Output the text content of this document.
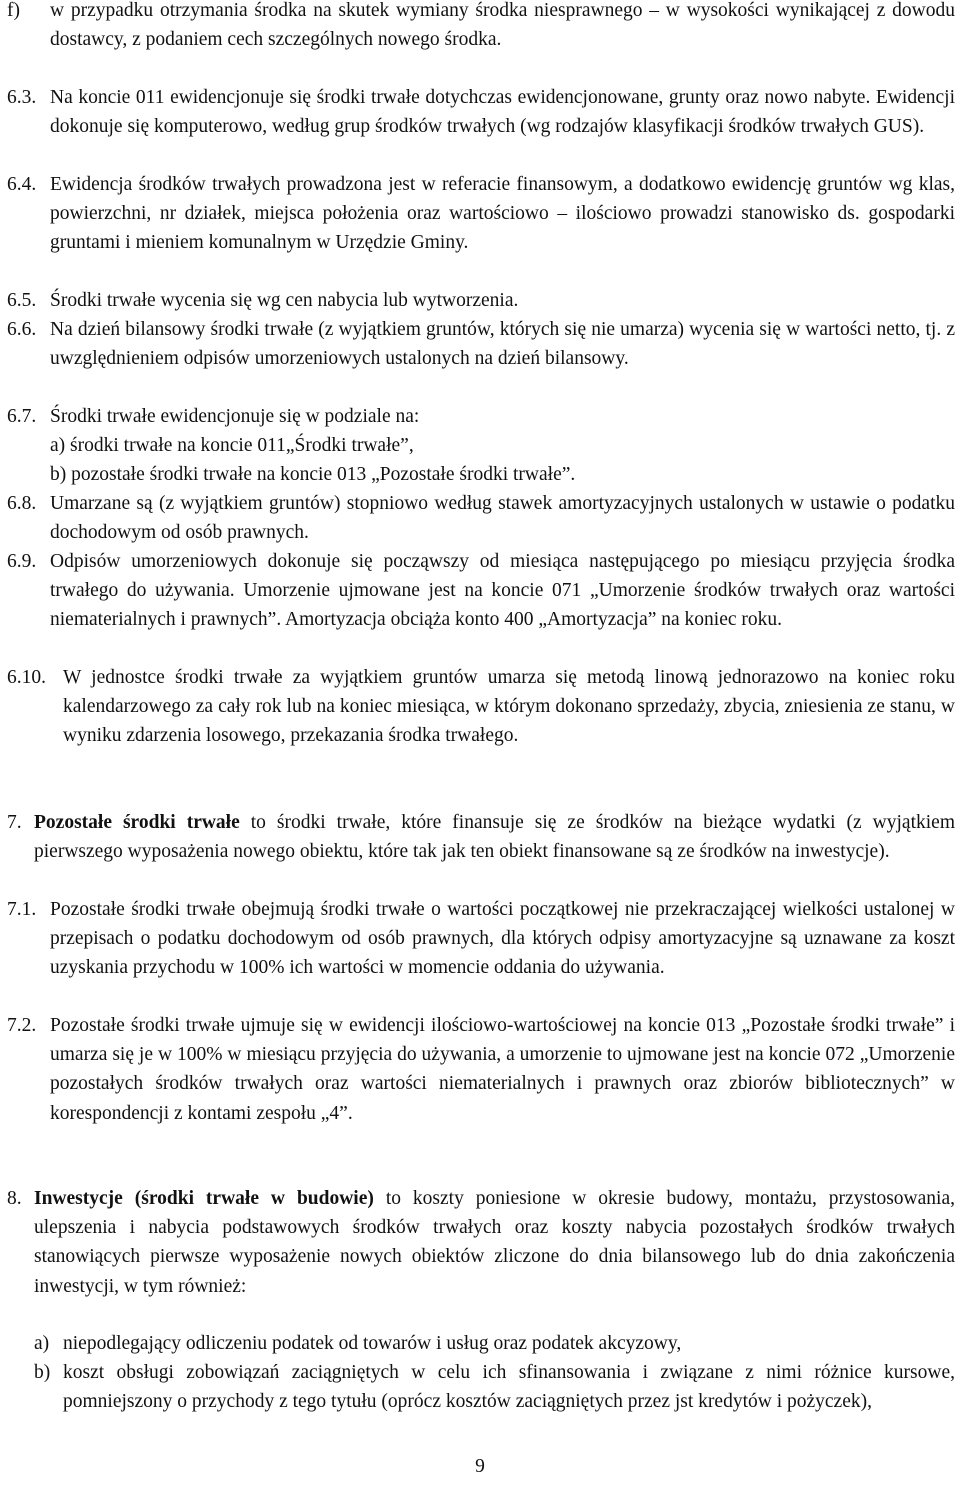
f) w przypadku otrzymania środka na skutek wymiany środka niesprawnego – w wysokości wynikającej z dowodu dostawcy, z podaniem cech szczególnych nowego środka.
6.3. Na koncie 011 ewidencjonuje się środki trwałe dotychczas ewidencjonowane, grunty oraz nowo nabyte. Ewidencji dokonuje się komputerowo, według grup środków trwałych (wg rodzajów klasyfikacji środków trwałych GUS).
6.4. Ewidencja środków trwałych prowadzona jest w referacie finansowym, a dodatkowo ewidencję gruntów wg klas, powierzchni, nr działek, miejsca położenia oraz wartościowo – ilościowo prowadzi stanowisko ds. gospodarki gruntami i mieniem komunalnym w Urzędzie Gminy.
6.5. Środki trwałe wycenia się wg cen nabycia lub wytworzenia.
6.6. Na dzień bilansowy środki trwałe (z wyjątkiem gruntów, których się nie umarza) wycenia się w wartości netto, tj. z uwzględnieniem odpisów umorzeniowych ustalonych na dzień bilansowy.
6.7. Środki trwałe ewidencjonuje się w podziale na:
a) środki trwałe na koncie 011„Środki trwałe”,
b) pozostałe środki trwałe na koncie 013 „Pozostałe środki trwałe”.
6.8. Umarzane są (z wyjątkiem gruntów) stopniowo według stawek amortyzacyjnych ustalonych w ustawie o podatku dochodowym od osób prawnych.
6.9. Odpisów umorzeniowych dokonuje się począwszy od miesiąca następującego po miesiącu przyjęcia środka trwałego do używania. Umorzenie ujmowane jest na koncie 071 „Umorzenie środków trwałych oraz wartości niematerialnych i prawnych”. Amortyzacja obciąża konto 400 „Amortyzacja” na koniec roku.
6.10. W jednostce środki trwałe za wyjątkiem gruntów umarza się metodą linową jednorazowo na koniec roku kalendarzowego za cały rok lub na koniec miesiąca, w którym dokonano sprzedaży, zbycia, zniesienia ze stanu, w wyniku zdarzenia losowego, przekazania środka trwałego.
7. Pozostałe środki trwałe to środki trwałe, które finansuje się ze środków na bieżące wydatki (z wyjątkiem pierwszego wyposażenia nowego obiektu, które tak jak ten obiekt finansowane są ze środków na inwestycje).
7.1. Pozostałe środki trwałe obejmują środki trwałe o wartości początkowej nie przekraczającej wielkości ustalonej w przepisach o podatku dochodowym od osób prawnych, dla których odpisy amortyzacyjne są uznawane za koszt uzyskania przychodu w 100% ich wartości w momencie oddania do używania.
7.2. Pozostałe środki trwałe ujmuje się w ewidencji ilościowo-wartościowej na koncie 013 „Pozostałe środki trwałe” i umarza się je w 100% w miesiącu przyjęcia do używania, a umorzenie to ujmowane jest na koncie 072 „Umorzenie pozostałych środków trwałych oraz wartości niematerialnych i prawnych oraz zbiorów bibliotecznych” w korespondencji z kontami zespołu „4”.
8. Inwestycje (środki trwałe w budowie) to koszty poniesione w okresie budowy, montażu, przystosowania, ulepszenia i nabycia podstawowych środków trwałych oraz koszty nabycia pozostałych środków trwałych stanowiących pierwsze wyposażenie nowych obiektów zliczone do dnia bilansowego lub do dnia zakończenia inwestycji, w tym również:
a) niepodlegający odliczeniu podatek od towarów i usług oraz podatek akcyzowy,
b) koszt obsługi zobowiązań zaciągniętych w celu ich sfinansowania i związane z nimi różnice kursowe, pomniejszony o przychody z tego tytułu (oprócz kosztów zaciągniętych przez jst kredytów i pożyczek),
9
